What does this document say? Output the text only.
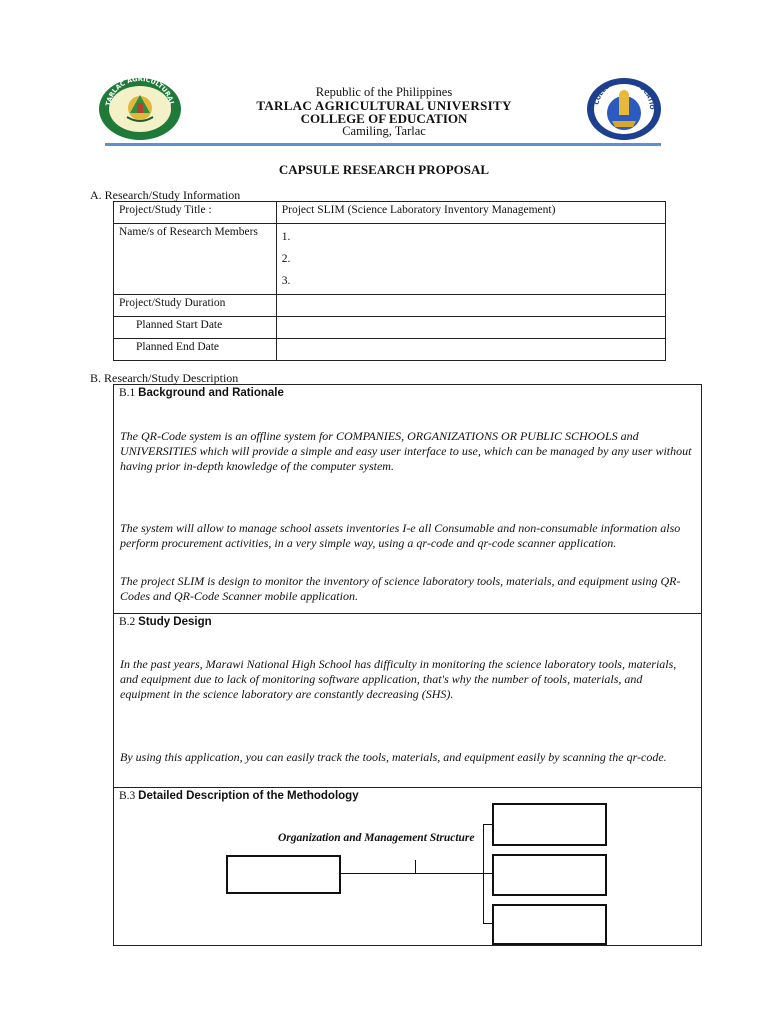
TARLAC AGRICULTURAL	COLLEGE OF EDUCATIO
Republic of the Philippines
TARLAC AGRICULTURAL UNIVERSITY
COLLEGE OF EDUCATION
Camiling, Tarlac
CAPSULE RESEARCH PROPOSAL
A. Research/Study Information
Project/Study Title :	Project SLIM (Science Laboratory Inventory Management)
Name/s of Research Members	1.
2.
3.

Project/Study Duration	
Planned Start Date	
Planned End Date	
B. Research/Study Description
B.1 Background and Rationale
The QR-Code system is an offline system for COMPANIES, ORGANIZATIONS OR PUBLIC SCHOOLS and UNIVERSITIES which will provide a simple and easy user interface to use, which can be managed by any user without having prior in-depth knowledge of the computer system.
The system will allow to manage school assets inventories I-e all Consumable and non-consumable information also perform procurement activities, in a very simple way, using a qr-code and qr-code scanner application.
The project SLIM is design to monitor the inventory of science laboratory tools, materials, and equipment using QR-Codes and QR-Code Scanner mobile application.
B.2 Study Design
In the past years, Marawi National High School has difficulty in monitoring the science laboratory tools, materials, and equipment due to lack of monitoring software application, that's why the number of tools, materials, and equipment in the science laboratory are constantly decreasing (SHS).
By using this application, you can easily track the tools, materials, and equipment easily by scanning the qr-code.
B.3 Detailed Description of the Methodology
Organization and Management Structure
